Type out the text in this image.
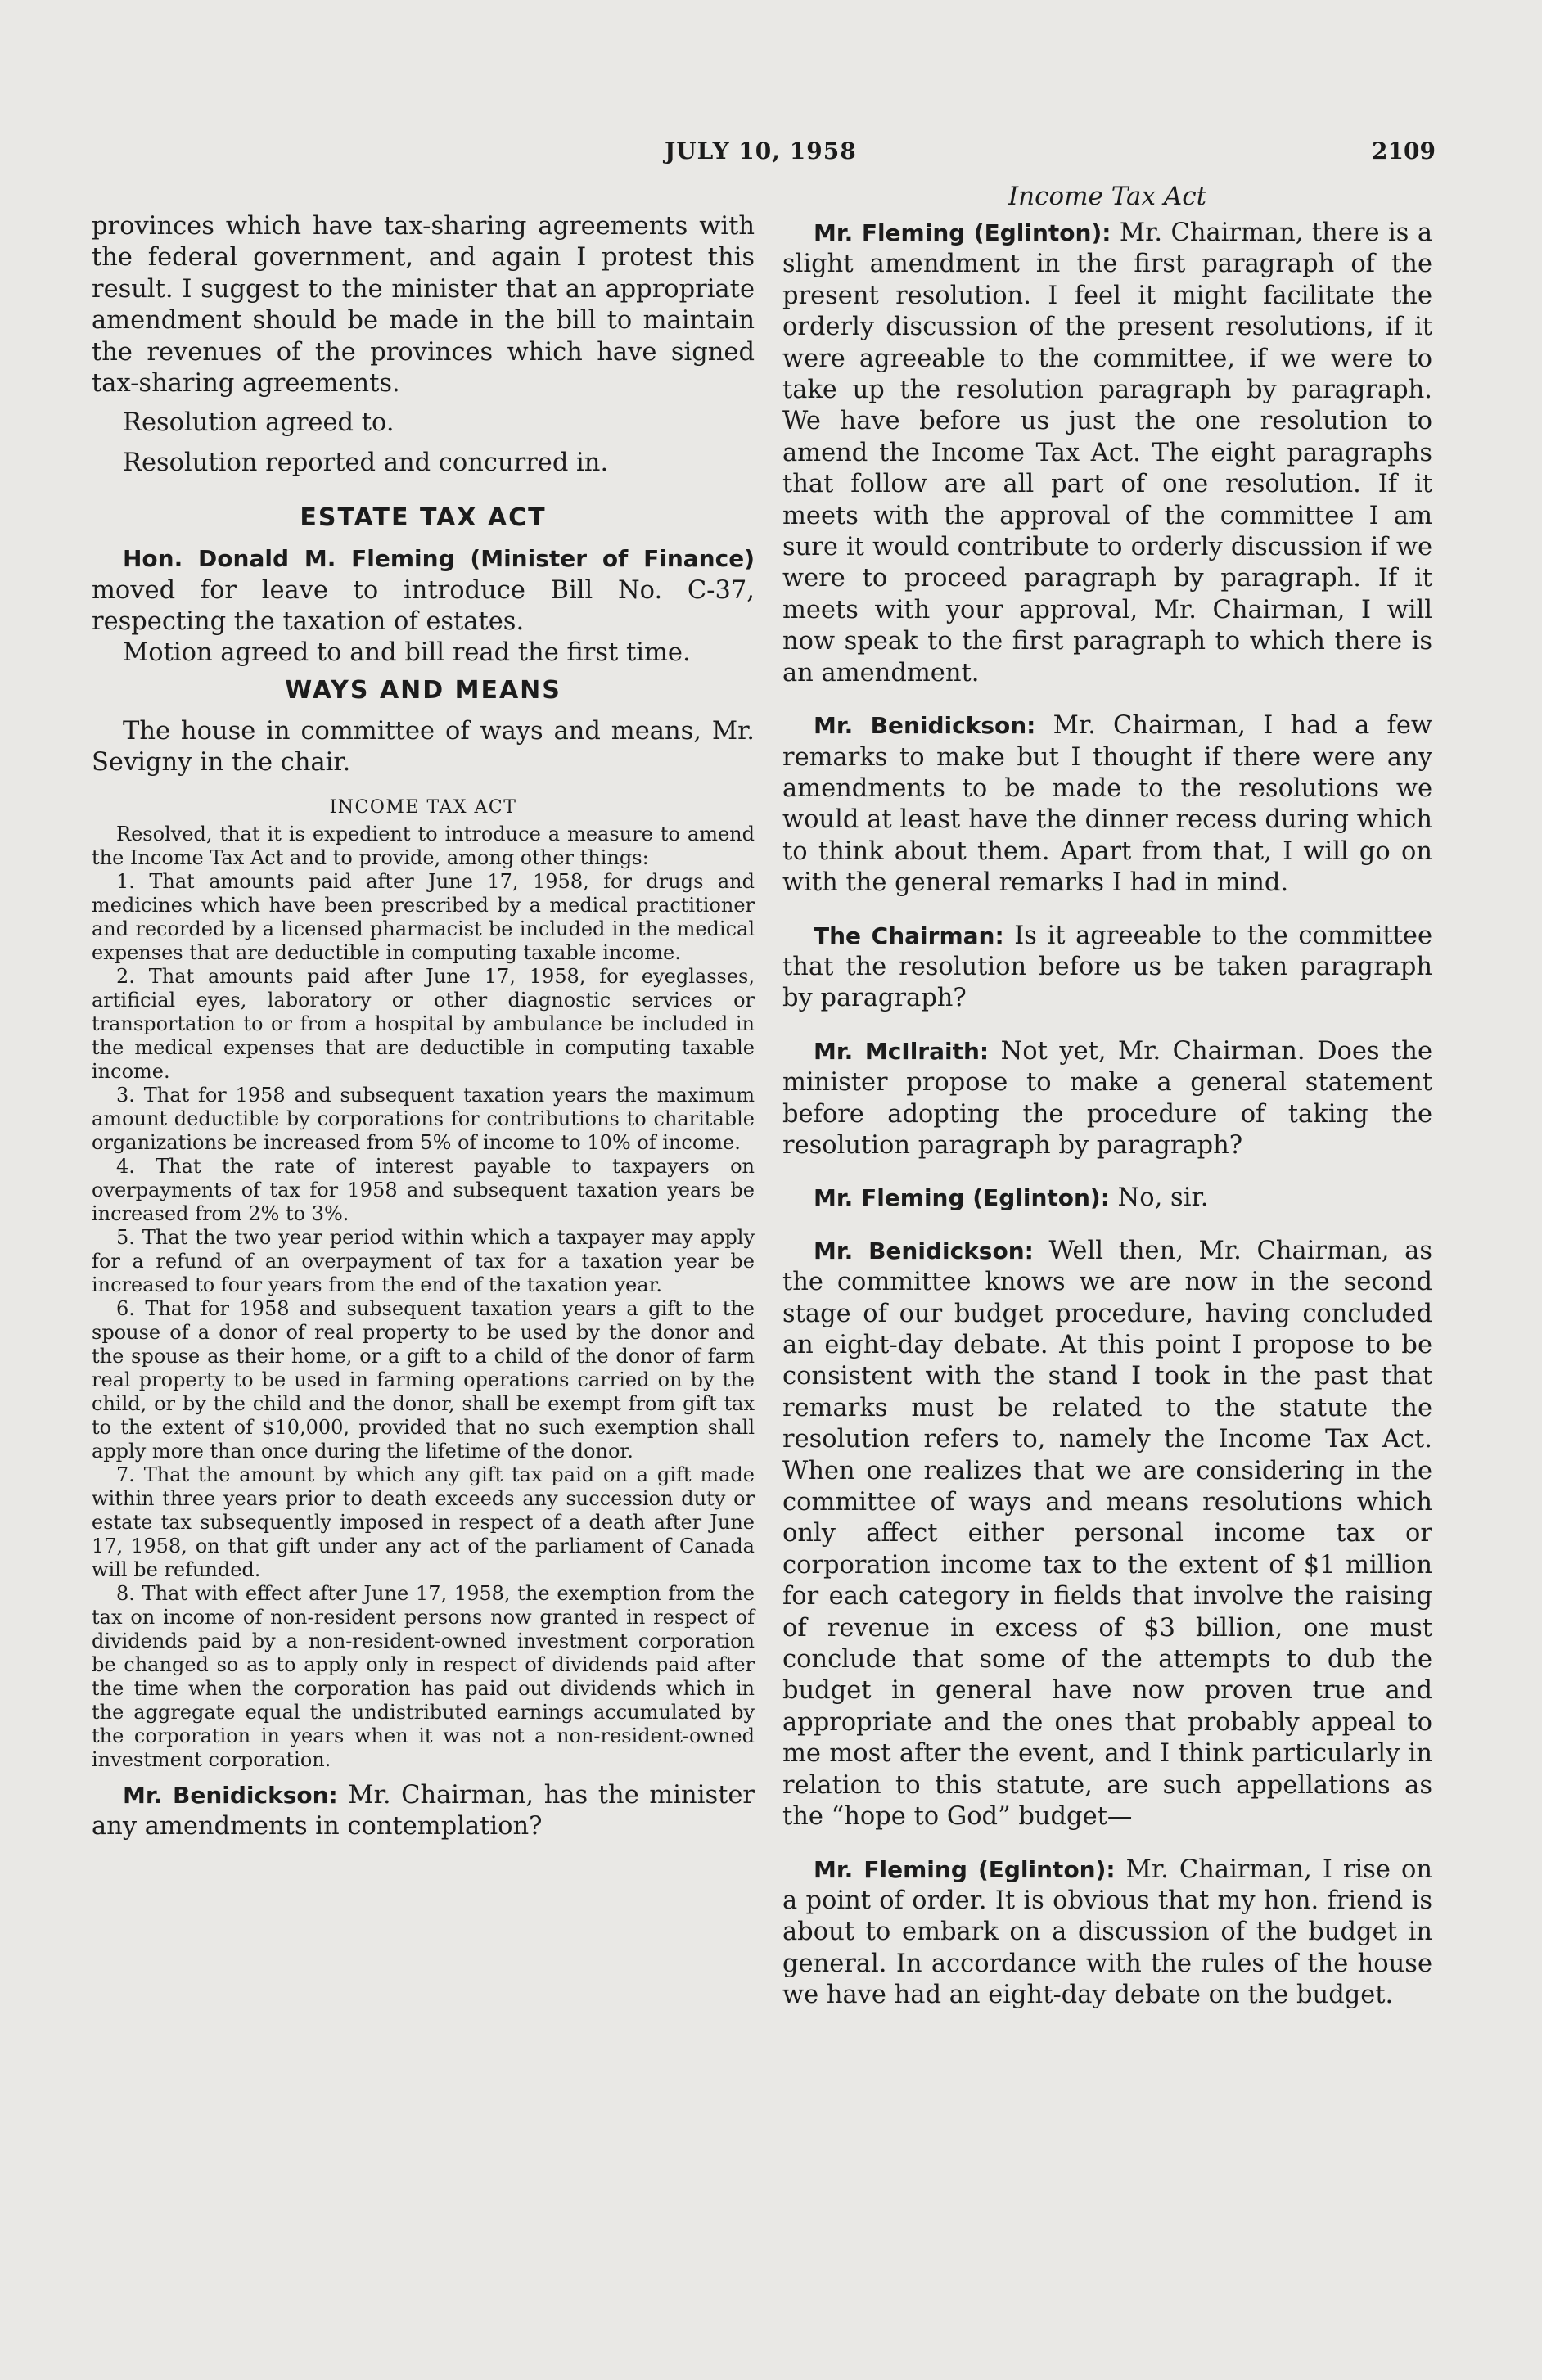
JULY 10, 1958	2109

provinces which have tax-sharing agreements with the federal government, and again I protest this result. I suggest to the minister that an appropriate amendment should be made in the bill to maintain the revenues of the provinces which have signed tax-sharing agreements.

Resolution agreed to.

Resolution reported and concurred in.

ESTATE TAX ACT

Hon. Donald M. Fleming (Minister of Finance) moved for leave to introduce Bill No. C-37, respecting the taxation of estates.

Motion agreed to and bill read the first time.

WAYS AND MEANS

The house in committee of ways and means, Mr. Sevigny in the chair.

INCOME TAX ACT

Resolved, that it is expedient to introduce a measure to amend the Income Tax Act and to provide, among other things:

1. That amounts paid after June 17, 1958, for drugs and medicines which have been prescribed by a medical practitioner and recorded by a licensed pharmacist be included in the medical expenses that are deductible in computing taxable income.

2. That amounts paid after June 17, 1958, for eyeglasses, artificial eyes, laboratory or other diagnostic services or transportation to or from a hospital by ambulance be included in the medical expenses that are deductible in computing taxable income.

3. That for 1958 and subsequent taxation years the maximum amount deductible by corporations for contributions to charitable organizations be increased from 5% of income to 10% of income.

4. That the rate of interest payable to taxpayers on overpayments of tax for 1958 and subsequent taxation years be increased from 2% to 3%.

5. That the two year period within which a taxpayer may apply for a refund of an overpayment of tax for a taxation year be increased to four years from the end of the taxation year.

6. That for 1958 and subsequent taxation years a gift to the spouse of a donor of real property to be used by the donor and the spouse as their home, or a gift to a child of the donor of farm real property to be used in farming operations carried on by the child, or by the child and the donor, shall be exempt from gift tax to the extent of $10,000, provided that no such exemption shall apply more than once during the lifetime of the donor.

7. That the amount by which any gift tax paid on a gift made within three years prior to death exceeds any succession duty or estate tax subsequently imposed in respect of a death after June 17, 1958, on that gift under any act of the parliament of Canada will be refunded.

8. That with effect after June 17, 1958, the exemption from the tax on income of non-resident persons now granted in respect of dividends paid by a non-resident-owned investment corporation be changed so as to apply only in respect of dividends paid after the time when the corporation has paid out dividends which in the aggregate equal the undistributed earnings accumulated by the corporation in years when it was not a non-resident-owned investment corporation.

Mr. Benidickson: Mr. Chairman, has the minister any amendments in contemplation?

Income Tax Act

Mr. Fleming (Eglinton): Mr. Chairman, there is a slight amendment in the first paragraph of the present resolution. I feel it might facilitate the orderly discussion of the present resolutions, if it were agreeable to the committee, if we were to take up the resolution paragraph by paragraph. We have before us just the one resolution to amend the Income Tax Act. The eight paragraphs that follow are all part of one resolution. If it meets with the approval of the committee I am sure it would contribute to orderly discussion if we were to proceed paragraph by paragraph. If it meets with your approval, Mr. Chairman, I will now speak to the first paragraph to which there is an amendment.

Mr. Benidickson: Mr. Chairman, I had a few remarks to make but I thought if there were any amendments to be made to the resolutions we would at least have the dinner recess during which to think about them. Apart from that, I will go on with the general remarks I had in mind.

The Chairman: Is it agreeable to the committee that the resolution before us be taken paragraph by paragraph?

Mr. McIlraith: Not yet, Mr. Chairman. Does the minister propose to make a general statement before adopting the procedure of taking the resolution paragraph by paragraph?

Mr. Fleming (Eglinton): No, sir.

Mr. Benidickson: Well then, Mr. Chairman, as the committee knows we are now in the second stage of our budget procedure, having concluded an eight-day debate. At this point I propose to be consistent with the stand I took in the past that remarks must be related to the statute the resolution refers to, namely the Income Tax Act. When one realizes that we are considering in the committee of ways and means resolutions which only affect either personal income tax or corporation income tax to the extent of $1 million for each category in fields that involve the raising of revenue in excess of $3 billion, one must conclude that some of the attempts to dub the budget in general have now proven true and appropriate and the ones that probably appeal to me most after the event, and I think particularly in relation to this statute, are such appellations as the “hope to God” budget—

Mr. Fleming (Eglinton): Mr. Chairman, I rise on a point of order. It is obvious that my hon. friend is about to embark on a discussion of the budget in general. In accordance with the rules of the house we have had an eight-day debate on the budget.
